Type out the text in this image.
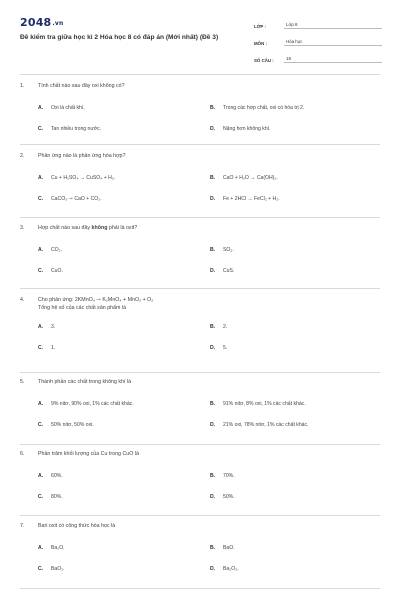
2048.vn
Đề kiểm tra giữa học kì 2 Hóa học 8 có đáp án (Mới nhất) (Đề 3)
LỚP :	Lớp 8
MÔN :	Hóa học
SỐ CÂU :	18
1.	Tính chất nào sau đây oxi không có?
A.	Oxi là chất khí.	B.	Trong các hợp chất, oxi có hóa trị 2.
C.	Tan nhiều trong nước.	D.	Nặng hơn không khí.
2.	Phản ứng nào là phản ứng hóa hợp?
A.	Cu + H₂SO₄ → CuSO₄ + H₂.	B.	CaO + H₂O → Ca(OH)₂.
C.	CaCO₃ ⇾ CaO + CO₂.	D.	Fe + 2HCl → FeCl₂ + H₂.
3.	Hợp chất nào sau đây không phải là oxit?
A.	CO₂.	B.	SO₂.
C.	CuO.	D.	CuS.
4.	Cho phản ứng: 2KMnO₄ ⇾ K₂MnO₄ + MnO₂ + O₂
Tổng hệ số của các chất sản phẩm là
A.	3.	B.	2.
C.	1.	D.	5.
5.	Thành phần các chất trong không khí là
A.	9% nitơ, 90% oxi, 1% các chất khác.	B.	91% nitơ, 8% oxi, 1% các chất khác.
C.	50% nitơ, 50% oxi.	D.	21% oxi, 78% nitơ, 1% các chất khác.
6.	Phần trăm khối lượng của Cu trong CuO là
A.	60%.	B.	70%.
C.	80%.	D.	50%.
7.	Bari oxit có công thức hóa học là
A.	Ba₂O.	B.	BaO.
C.	BaO₂.	D.	Ba₂O₃.
